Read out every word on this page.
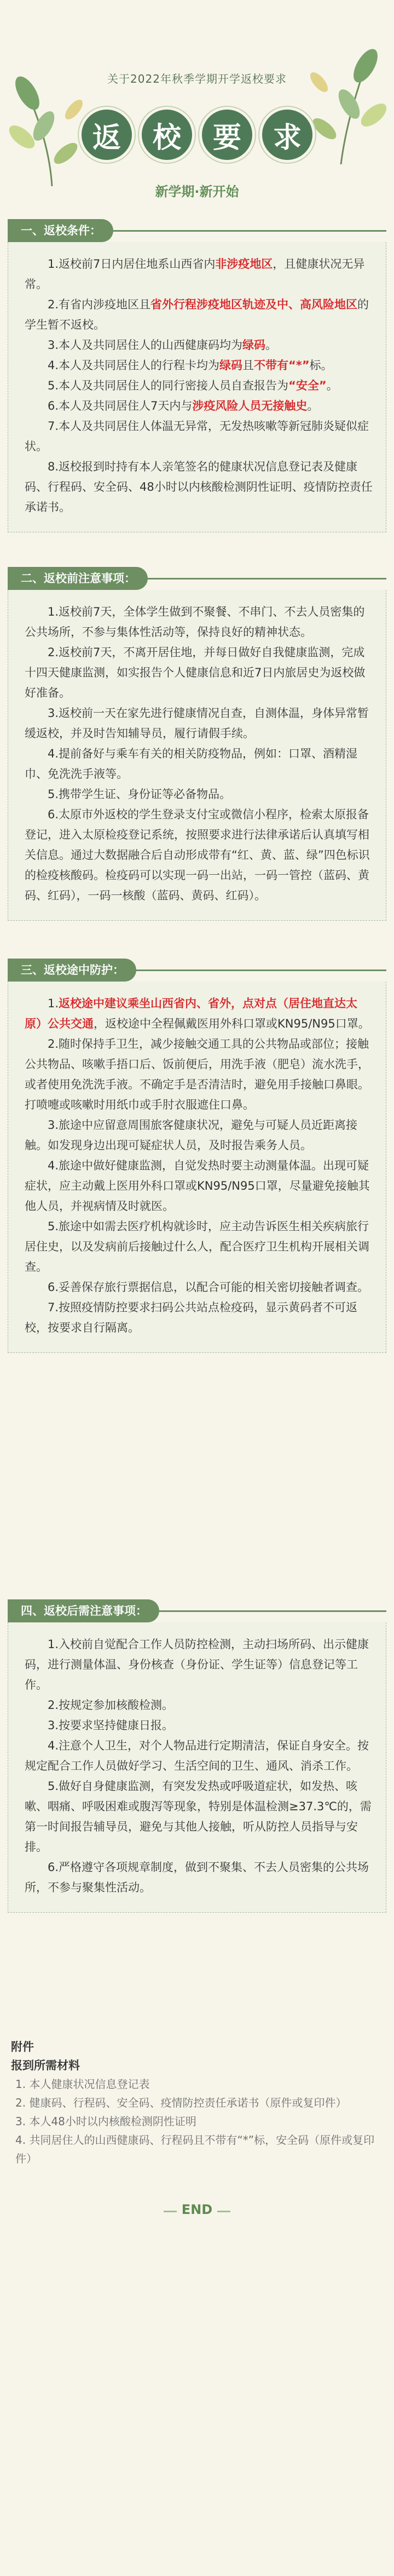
关于2022年秋季学期开学返校要求
返	校	要	求
新学期·新开始
一、返校条件：

1.返校前7日内居住地系山西省内非涉疫地区，且健康状况无异常。

2.有省内涉疫地区且省外行程涉疫地区轨迹及中、高风险地区的学生暂不返校。

3.本人及共同居住人的山西健康码均为绿码。

4.本人及共同居住人的行程卡均为绿码且不带有“*”标。

5.本人及共同居住人的同行密接人员自查报告为“安全”。

6.本人及共同居住人7天内与涉疫风险人员无接触史。

7.本人及共同居住人体温无异常，无发热咳嗽等新冠肺炎疑似症状。

8.返校报到时持有本人亲笔签名的健康状况信息登记表及健康码、行程码、安全码、48小时以内核酸检测阴性证明、疫情防控责任承诺书。

二、返校前注意事项：

1.返校前7天，全体学生做到不聚餐、不串门、不去人员密集的公共场所，不参与集体性活动等，保持良好的精神状态。

2.返校前7天，不离开居住地，并每日做好自我健康监测，完成十四天健康监测，如实报告个人健康信息和近7日内旅居史为返校做好准备。

3.返校前一天在家先进行健康情况自查，自测体温，身体异常暂缓返校，并及时告知辅导员，履行请假手续。

4.提前备好与乘车有关的相关防疫物品，例如：口罩、酒精湿巾、免洗洗手液等。

5.携带学生证、身份证等必备物品。

6.太原市外返校的学生登录支付宝或微信小程序，检索太原报备登记，进入太原检疫登记系统，按照要求进行法律承诺后认真填写相关信息。通过大数据融合后自动形成带有“红、黄、蓝、绿”四色标识的检疫核酸码。检疫码可以实现一码一出站，一码一管控（蓝码、黄码、红码），一码一核酸（蓝码、黄码、红码）。

三、返校途中防护：

1.返校途中建议乘坐山西省内、省外，点对点（居住地直达太原）公共交通，返校途中全程佩戴医用外科口罩或KN95/N95口罩。

2.随时保持手卫生，减少接触交通工具的公共物品或部位；接触公共物品、咳嗽手捂口后、饭前便后，用洗手液（肥皂）流水洗手，或者使用免洗洗手液。不确定手是否清洁时，避免用手接触口鼻眼。打喷嚏或咳嗽时用纸巾或手肘衣服遮住口鼻。

3.旅途中应留意周围旅客健康状况，避免与可疑人员近距离接触。如发现身边出现可疑症状人员，及时报告乘务人员。

4.旅途中做好健康监测，自觉发热时要主动测量体温。出现可疑症状，应主动戴上医用外科口罩或KN95/N95口罩，尽量避免接触其他人员，并视病情及时就医。

5.旅途中如需去医疗机构就诊时，应主动告诉医生相关疾病旅行居住史，以及发病前后接触过什么人，配合医疗卫生机构开展相关调查。

6.妥善保存旅行票据信息，以配合可能的相关密切接触者调查。

7.按照疫情防控要求扫码公共站点检疫码，显示黄码者不可返校，按要求自行隔离。

四、返校后需注意事项：

1.入校前自觉配合工作人员防控检测，主动扫场所码、出示健康码，进行测量体温、身份核查（身份证、学生证等）信息登记等工作。

2.按规定参加核酸检测。

3.按要求坚持健康日报。

4.注意个人卫生，对个人物品进行定期清洁，保证自身安全。按规定配合工作人员做好学习、生活空间的卫生、通风、消杀工作。

5.做好自身健康监测，有突发发热或呼吸道症状，如发热、咳嗽、咽痛、呼吸困难或腹泻等现象，特别是体温检测≥37.3℃的，需第一时间报告辅导员，避免与其他人接触，听从防控人员指导与安排。

6.严格遵守各项规章制度，做到不聚集、不去人员密集的公共场所，不参与聚集性活动。

附件
报到所需材料
1. 本人健康状况信息登记表
2. 健康码、行程码、安全码、疫情防控责任承诺书（原件或复印件）
3. 本人48小时以内核酸检测阴性证明
4. 共同居住人的山西健康码、行程码且不带有“*”标，安全码（原件或复印件）
END
